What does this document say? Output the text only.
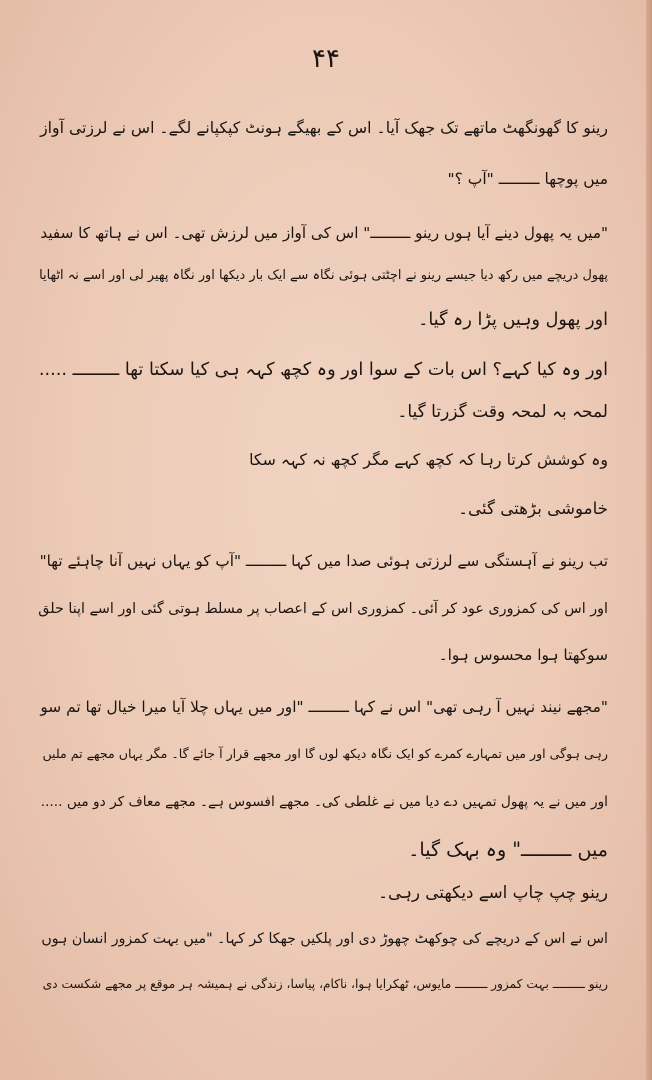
۴۴
رینو کا گھونگھٹ ماتھے تک جھک آیا۔ اس کے بھیگے ہونٹ کپکپانے لگے۔ اس نے لرزتی آواز
میں پوچھا ـــــــــ "آپ ؟"
"میں یہ پھول دینے آیا ہوں رینو ـــــــــ" اس کی آواز میں لرزش تھی۔ اس نے ہاتھ کا سفید
پھول دریچے میں رکھ دیا جیسے رینو نے اچٹتی ہوئی نگاہ سے ایک بار دیکھا اور نگاہ پھیر لی اور اسے نہ اٹھایا
اور پھول وہیں پڑا رہ گیا۔
اور وہ کیا کہے؟ اس بات کے سوا اور وہ کچھ کہہ ہی کیا سکتا تھا ـــــــــ .....
لمحہ بہ لمحہ وقت گزرتا گیا۔
وہ کوشش کرتا رہا کہ کچھ کہے مگر کچھ نہ کہہ سکا
خاموشی بڑھتی گئی۔
تب رینو نے آہستگی سے لرزتی ہوئی صدا میں کہا ـــــــــ "آپ کو یہاں نہیں آنا چاہئے تھا"
اور اس کی کمزوری عود کر آئی۔ کمزوری اس کے اعصاب پر مسلط ہوتی گئی اور اسے اپنا حلق
سوکھتا ہوا محسوس ہوا۔
"مجھے نیند نہیں آ رہی تھی" اس نے کہا ـــــــــ "اور میں یہاں چلا آیا میرا خیال تھا تم سو
رہی ہوگی اور میں تمہارے کمرے کو ایک نگاہ دیکھ لوں گا اور مجھے قرار آ جائے گا۔ مگر یہاں مجھے تم ملیں
اور میں نے یہ پھول تمہیں دے دیا میں نے غلطی کی۔ مجھے افسوس ہے۔ مجھے معاف کر دو میں .....
میں ـــــــــ" وہ بہک گیا۔
رینو چپ چاپ اسے دیکھتی رہی۔
اس نے اس کے دریچے کی چوکھٹ چھوڑ دی اور پلکیں جھکا کر کہا۔ "میں بہت کمزور انسان ہوں
رینو ـــــــــ بہت کمزور ـــــــــ مایوس، ٹھکرایا ہوا، ناکام، پیاسا، زندگی نے ہمیشہ ہر موقع پر مجھے شکست دی
